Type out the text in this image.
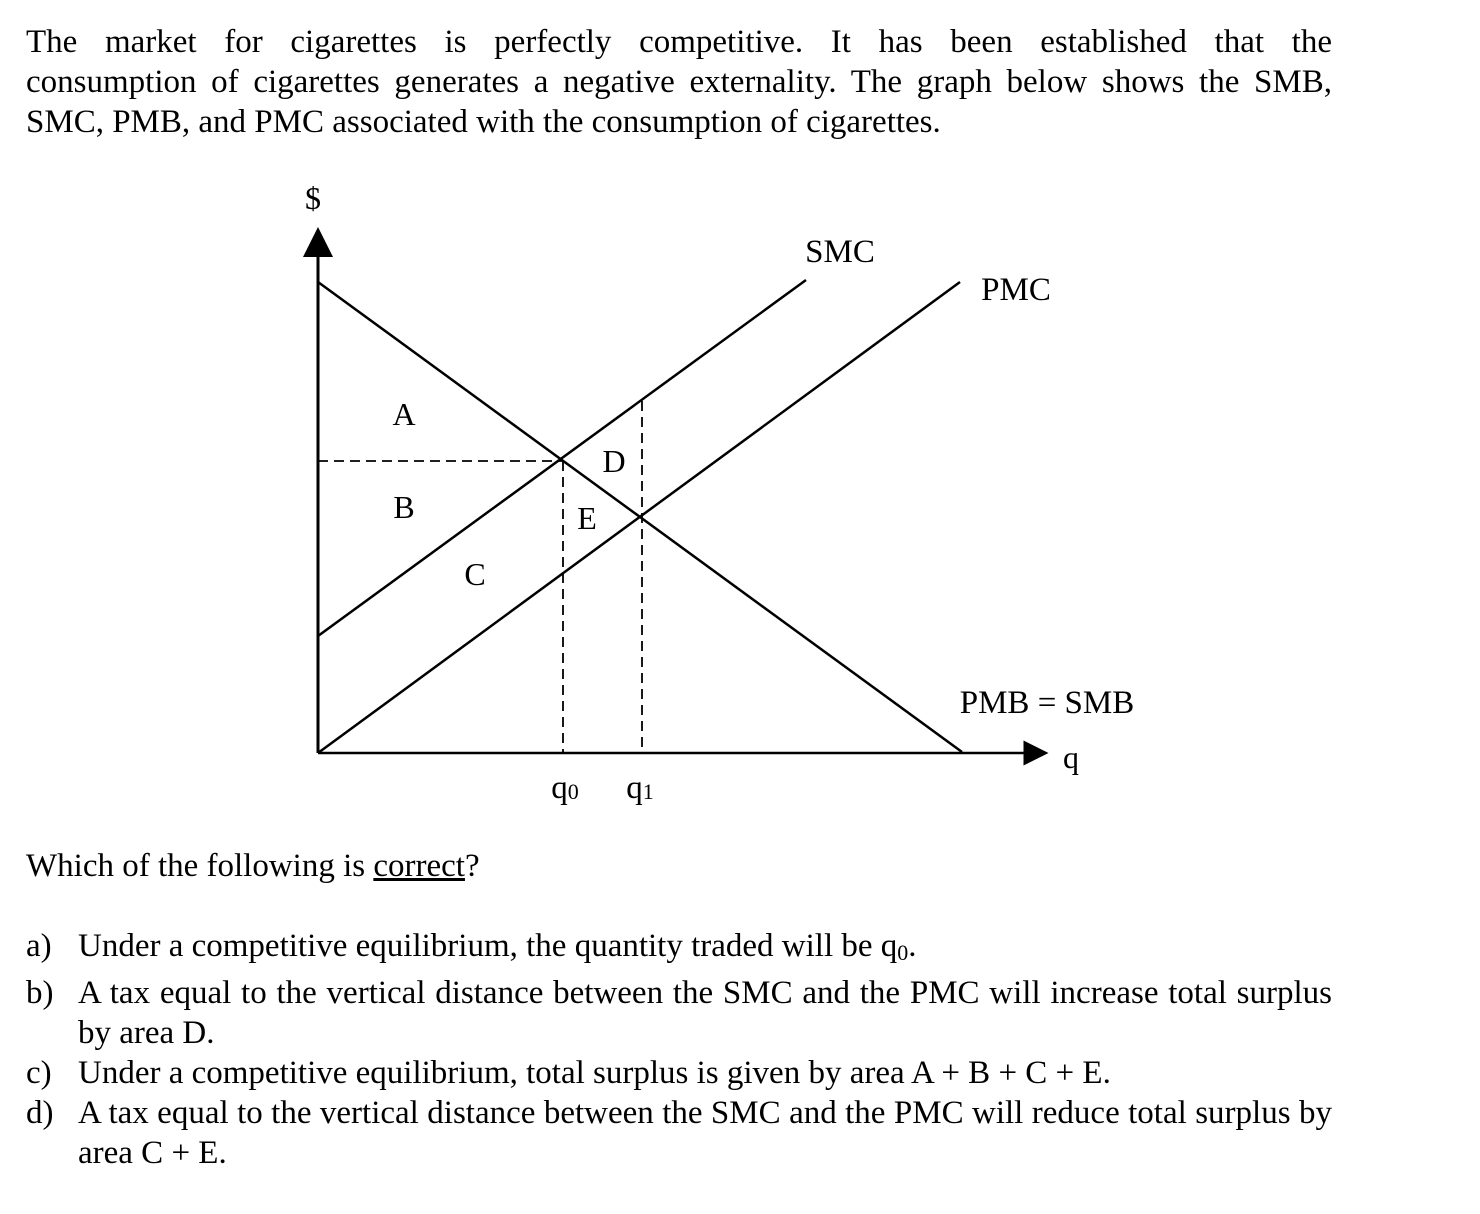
The market for cigarettes is perfectly competitive. It has been established that the
consumption of cigarettes generates a negative externality. The graph below shows the SMB,
SMC, PMB, and PMC associated with the consumption of cigarettes.
$
q
SMC
PMC
PMB = SMB
A
B
C
D
E
q0 q1
Which of the following is correct?
a) Under a competitive equilibrium, the quantity traded will be q0.
b) A tax equal to the vertical distance between the SMC and the PMC will increase total surplus by area D.
c) Under a competitive equilibrium, total surplus is given by area A + B + C + E.
d) A tax equal to the vertical distance between the SMC and the PMC will reduce total surplus by area C + E.
